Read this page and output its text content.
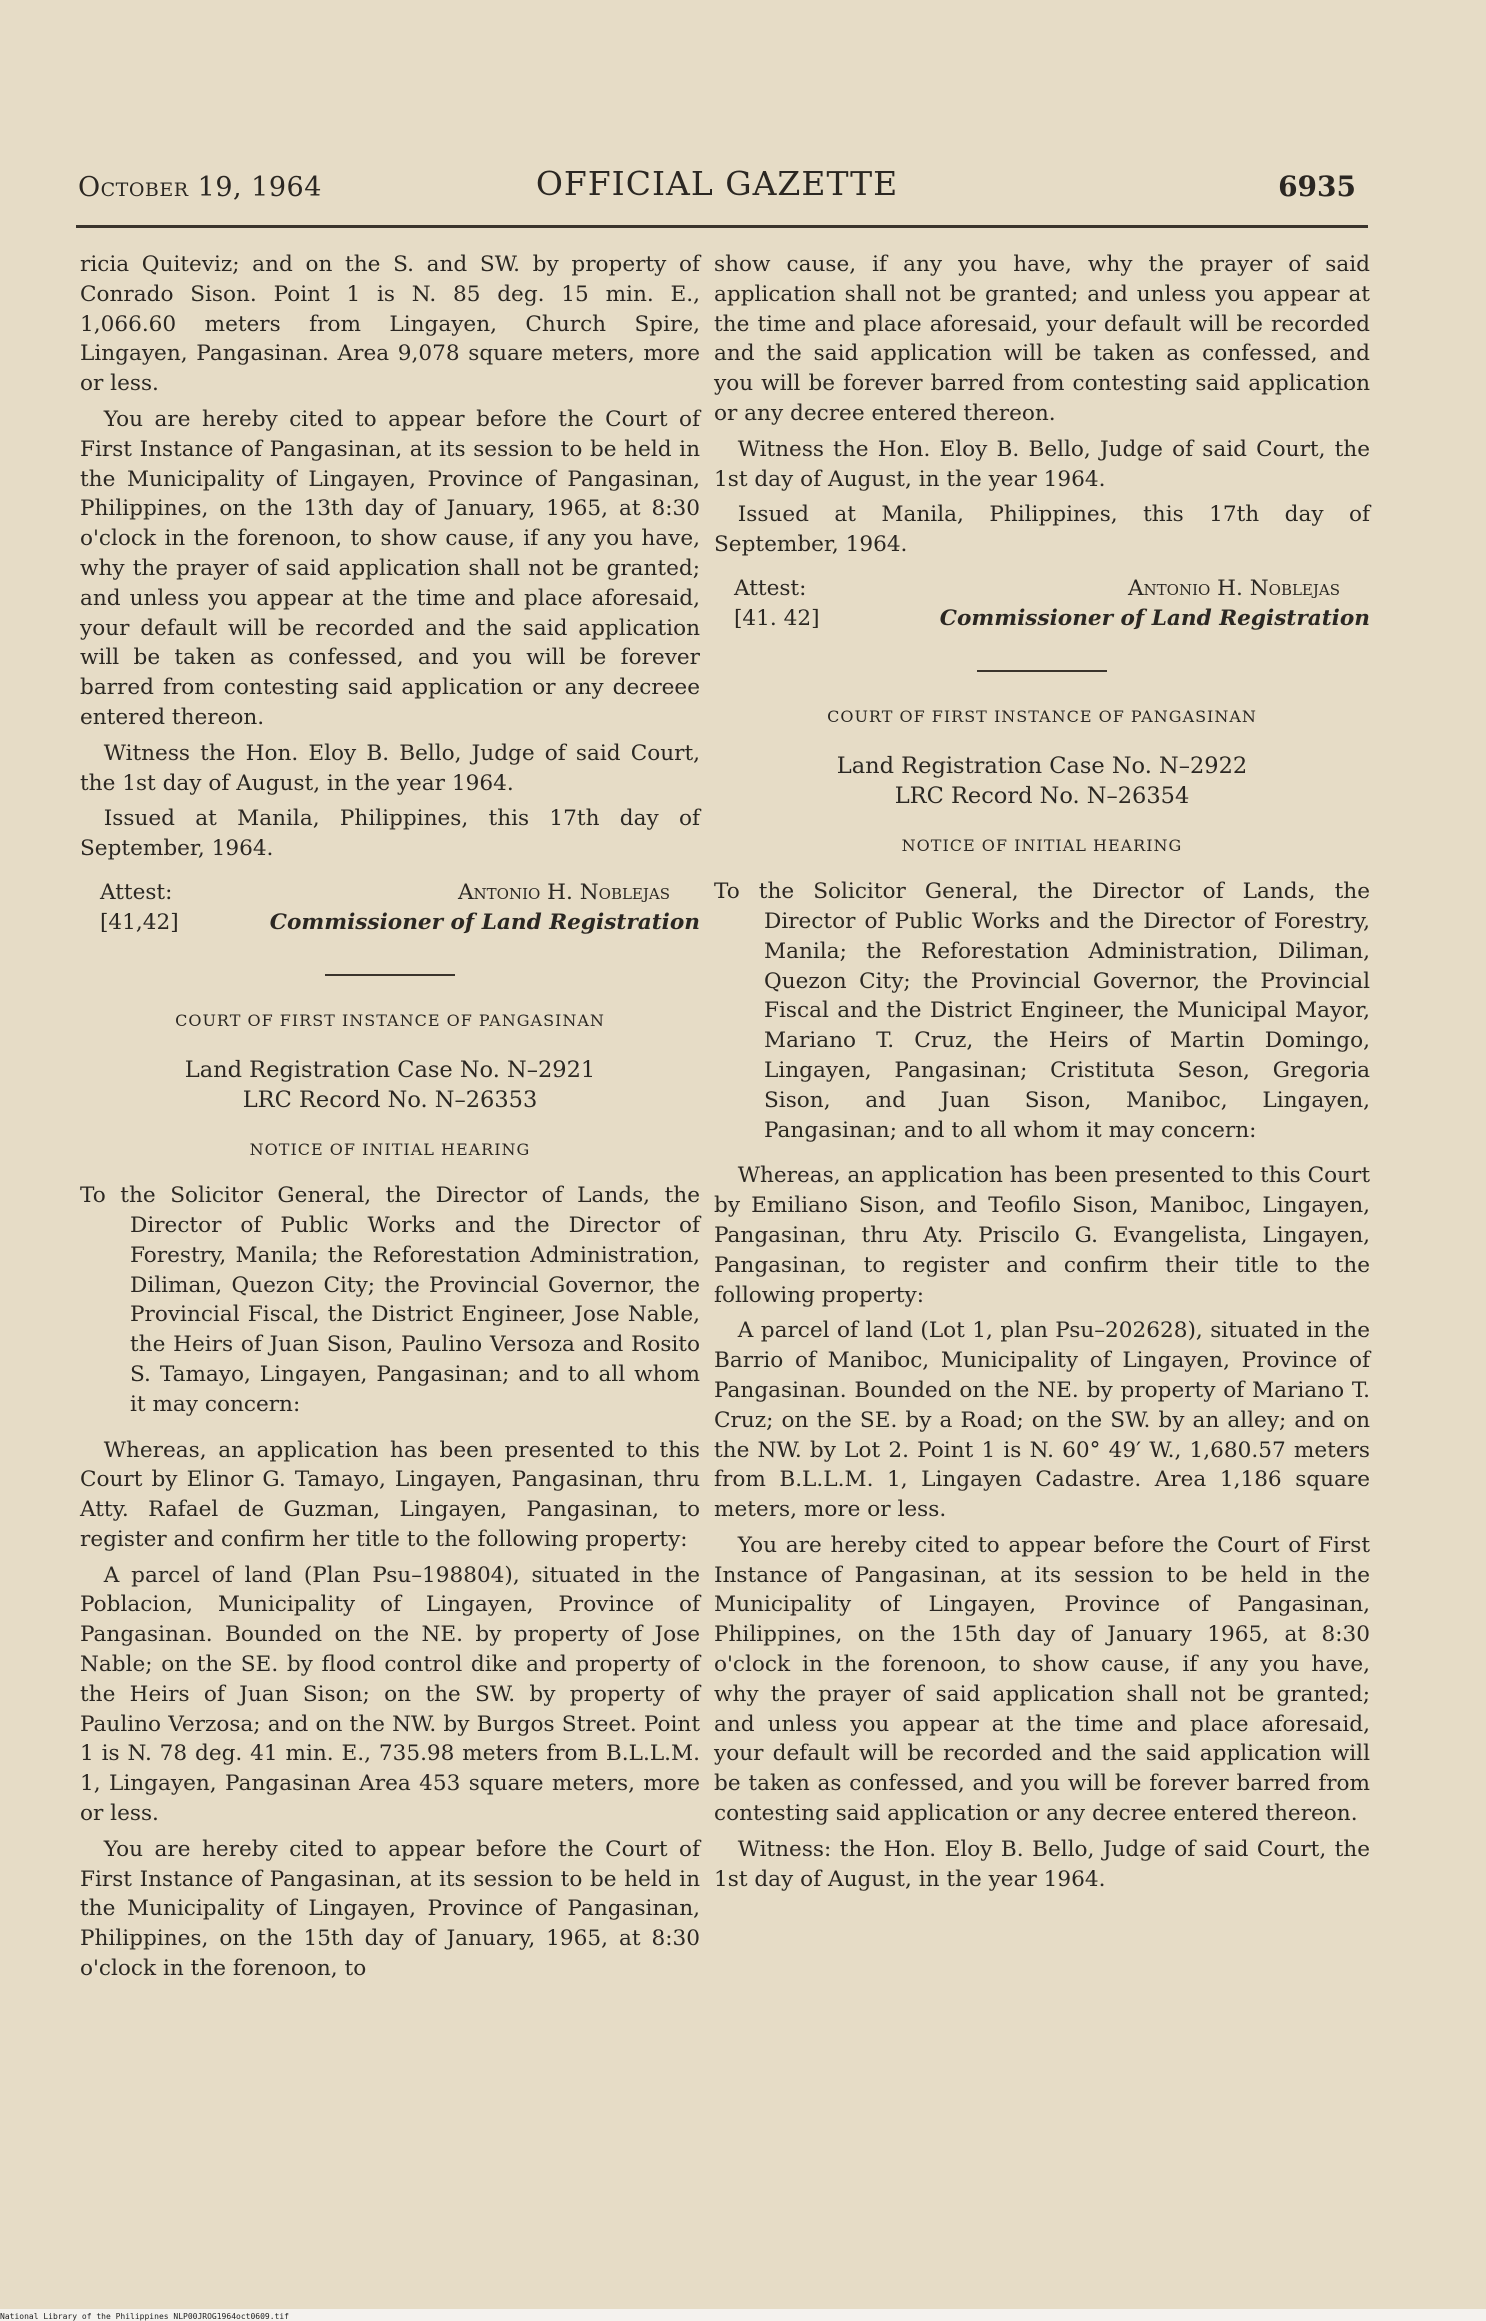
October 19, 1964	OFFICIAL GAZETTE	6935

ricia Quiteviz; and on the S. and SW. by property of Conrado Sison. Point 1 is N. 85 deg. 15 min. E., 1,066.60 meters from Lingayen, Church Spire, Lingayen, Pangasinan. Area 9,078 square meters, more or less.

You are hereby cited to appear before the Court of First Instance of Pangasinan, at its session to be held in the Municipality of Lingayen, Province of Pangasinan, Philippines, on the 13th day of January, 1965, at 8:30 o'clock in the forenoon, to show cause, if any you have, why the prayer of said application shall not be granted; and unless you appear at the time and place aforesaid, your default will be recorded and the said application will be taken as confessed, and you will be forever barred from contesting said application or any decreee entered thereon.

Witness the Hon. Eloy B. Bello, Judge of said Court, the 1st day of August, in the year 1964.

Issued at Manila, Philippines, this 17th day of September, 1964.

Attest:	Antonio H. Noblejas
[41,42]	Commissioner of Land Registration
COURT OF FIRST INSTANCE OF PANGASINAN
Land Registration Case No. N–2921
LRC Record No. N–26353
NOTICE OF INITIAL HEARING
To the Solicitor General, the Director of Lands, the Director of Public Works and the Director of Forestry, Manila; the Reforestation Administration, Diliman, Quezon City; the Provincial Governor, the Provincial Fiscal, the District Engineer, Jose Nable, the Heirs of Juan Sison, Paulino Versoza and Rosito S. Tamayo, Lingayen, Pangasinan; and to all whom it may concern:

Whereas, an application has been presented to this Court by Elinor G. Tamayo, Lingayen, Pangasinan, thru Atty. Rafael de Guzman, Lingayen, Pangasinan, to register and confirm her title to the following property:

A parcel of land (Plan Psu–198804), situated in the Poblacion, Municipality of Lingayen, Province of Pangasinan. Bounded on the NE. by property of Jose Nable; on the SE. by flood control dike and property of the Heirs of Juan Sison; on the SW. by property of Paulino Verzosa; and on the NW. by Burgos Street. Point 1 is N. 78 deg. 41 min. E., 735.98 meters from B.L.L.M. 1, Lingayen, Pangasinan Area 453 square meters, more or less.

You are hereby cited to appear before the Court of First Instance of Pangasinan, at its session to be held in the Municipality of Lingayen, Province of Pangasinan, Philippines, on the 15th day of January, 1965, at 8:30 o'clock in the forenoon, to

show cause, if any you have, why the prayer of said application shall not be granted; and unless you appear at the time and place aforesaid, your default will be recorded and the said application will be taken as confessed, and you will be forever barred from contesting said application or any decree entered thereon.

Witness the Hon. Eloy B. Bello, Judge of said Court, the 1st day of August, in the year 1964.

Issued at Manila, Philippines, this 17th day of September, 1964.

Attest:	Antonio H. Noblejas
[41. 42]	Commissioner of Land Registration
COURT OF FIRST INSTANCE OF PANGASINAN
Land Registration Case No. N–2922
LRC Record No. N–26354
NOTICE OF INITIAL HEARING
To the Solicitor General, the Director of Lands, the Director of Public Works and the Director of Forestry, Manila; the Reforestation Administration, Diliman, Quezon City; the Provincial Governor, the Provincial Fiscal and the District Engineer, the Municipal Mayor, Mariano T. Cruz, the Heirs of Martin Domingo, Lingayen, Pangasinan; Cristituta Seson, Gregoria Sison, and Juan Sison, Maniboc, Lingayen, Pangasinan; and to all whom it may concern:

Whereas, an application has been presented to this Court by Emiliano Sison, and Teofilo Sison, Maniboc, Lingayen, Pangasinan, thru Aty. Priscilo G. Evangelista, Lingayen, Pangasinan, to register and confirm their title to the following property:

A parcel of land (Lot 1, plan Psu–202628), situated in the Barrio of Maniboc, Municipality of Lingayen, Province of Pangasinan. Bounded on the NE. by property of Mariano T. Cruz; on the SE. by a Road; on the SW. by an alley; and on the NW. by Lot 2. Point 1 is N. 60° 49′ W., 1,680.57 meters from B.L.L.M. 1, Lingayen Cadastre. Area 1,186 square meters, more or less.

You are hereby cited to appear before the Court of First Instance of Pangasinan, at its session to be held in the Municipality of Lingayen, Province of Pangasinan, Philippines, on the 15th day of January 1965, at 8:30 o'clock in the forenoon, to show cause, if any you have, why the prayer of said application shall not be granted; and unless you appear at the time and place aforesaid, your default will be recorded and the said application will be taken as confessed, and you will be forever barred from contesting said application or any decree entered thereon.

Witness: the Hon. Eloy B. Bello, Judge of said Court, the 1st day of August, in the year 1964.

National Library of the Philippines NLP00JROG1964oct0609.tif
